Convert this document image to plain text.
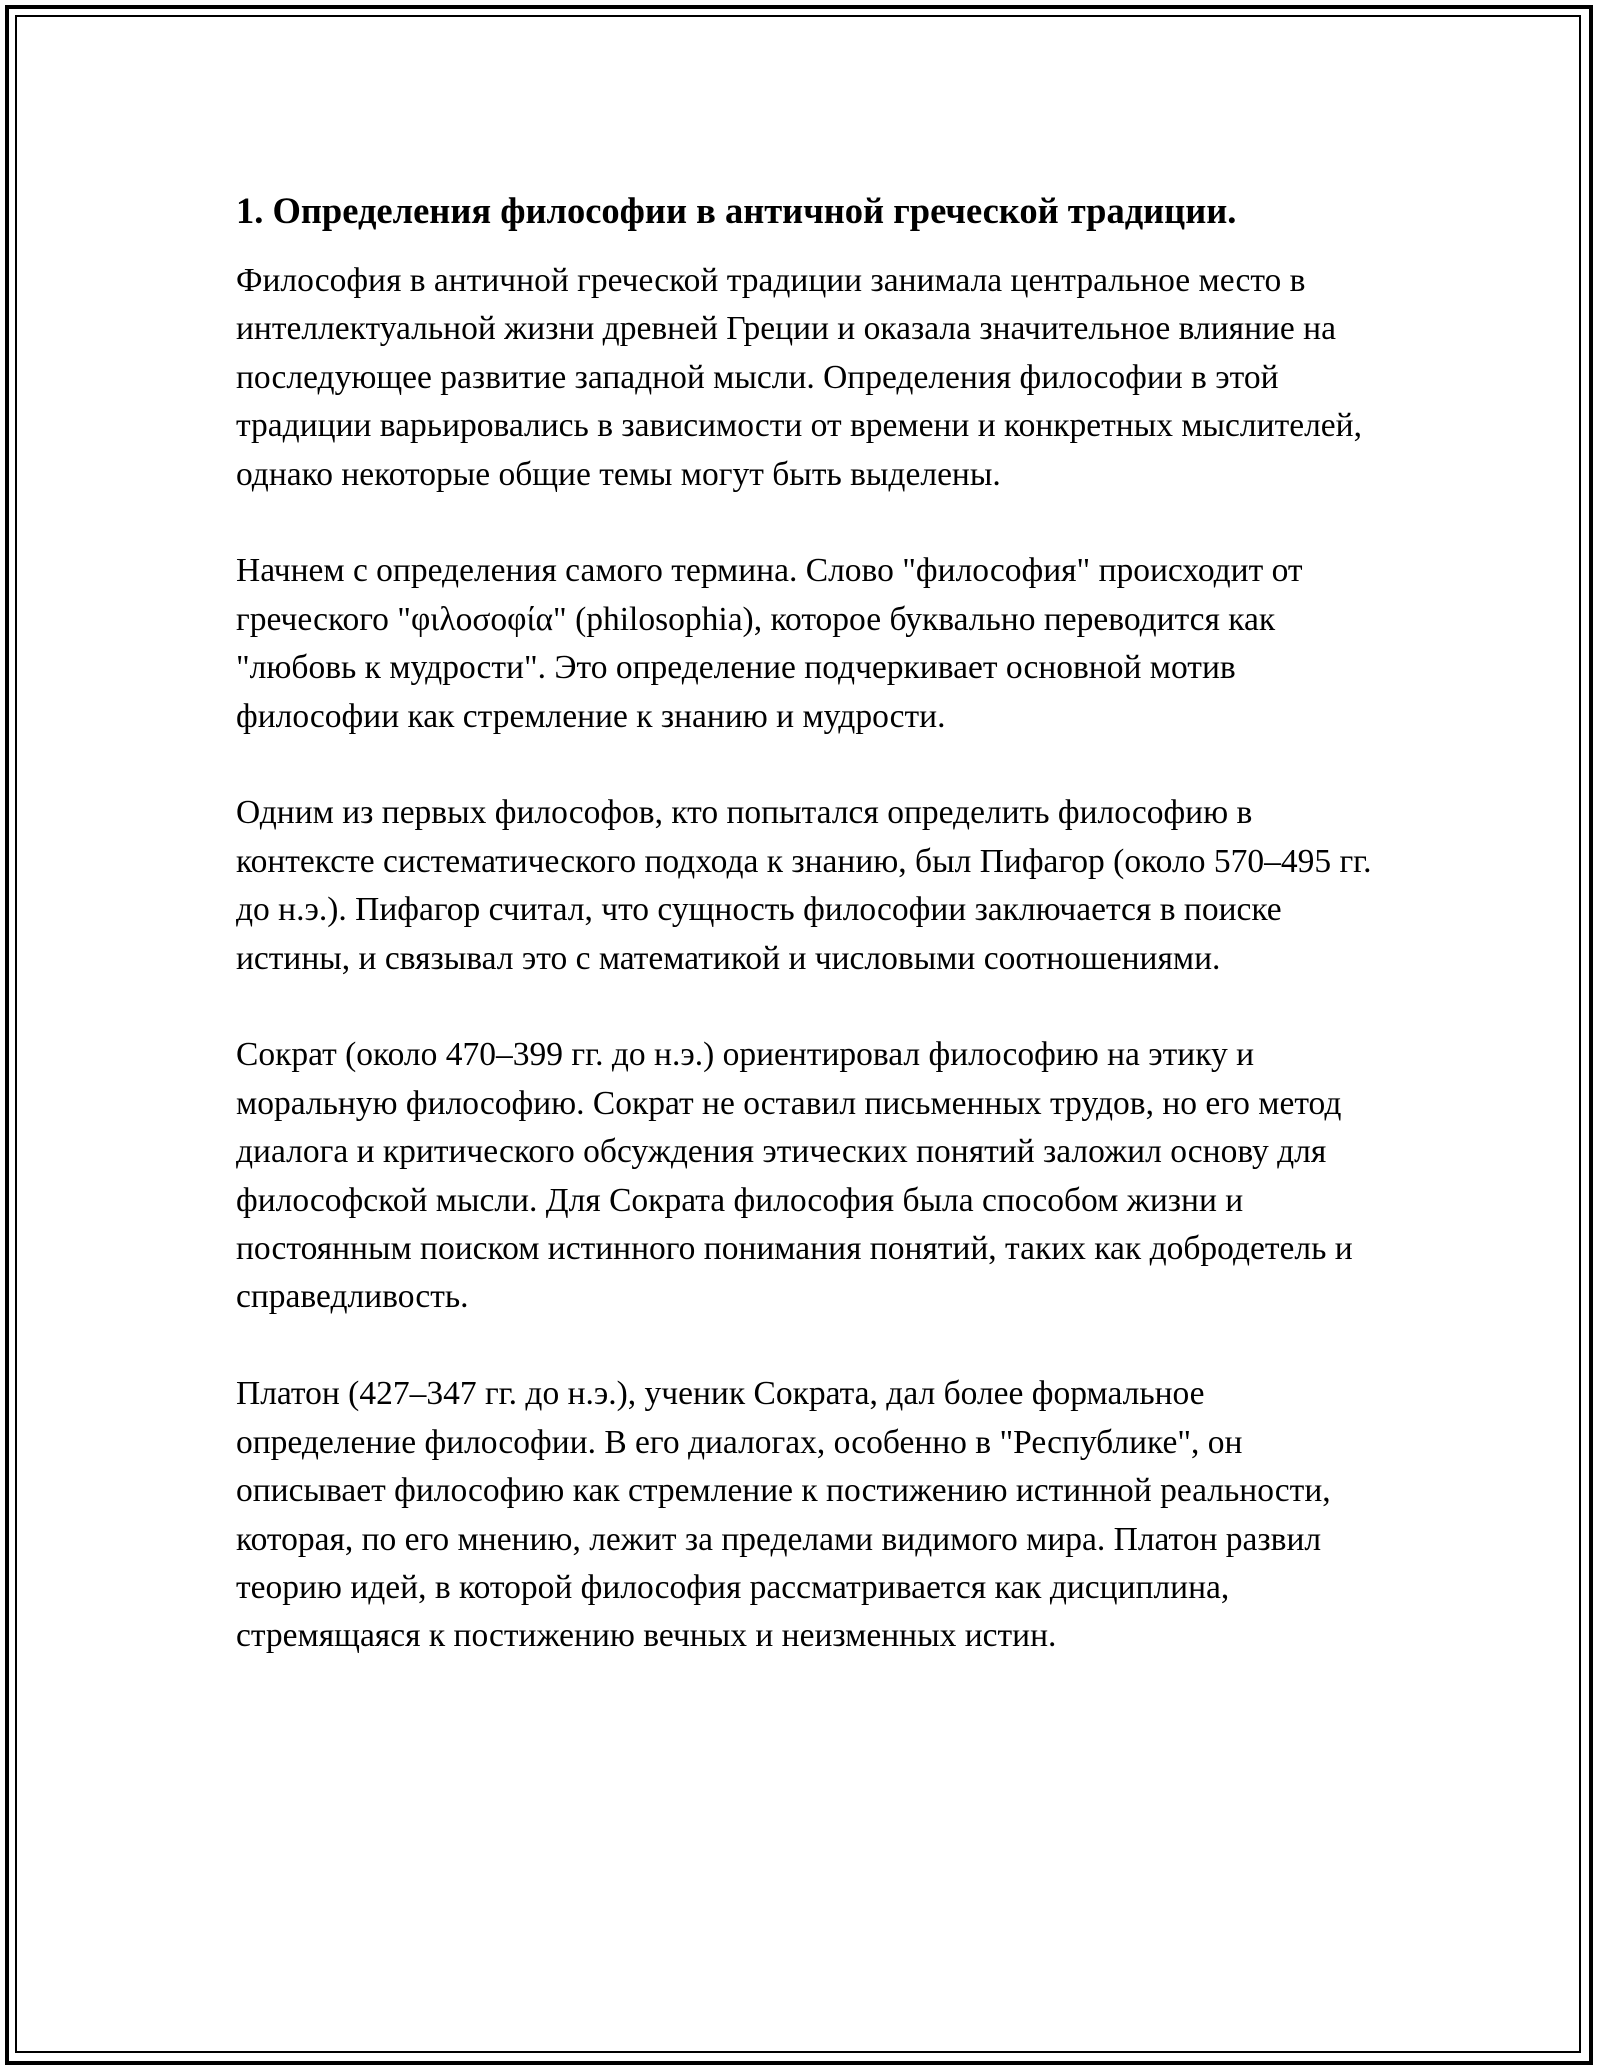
1. Определения философии в античной греческой традиции.

Философия в античной греческой традиции занимала центральное место в интеллектуальной жизни древней Греции и оказала значительное влияние на последующее развитие западной мысли. Определения философии в этой традиции варьировались в зависимости от времени и конкретных мыслителей, однако некоторые общие темы могут быть выделены.

Начнем с определения самого термина. Слово "философия" происходит от греческого "φιλοσοφία" (philosophia), которое буквально переводится как "любовь к мудрости". Это определение подчеркивает основной мотив философии как стремление к знанию и мудрости.

Одним из первых философов, кто попытался определить философию в контексте систематического подхода к знанию, был Пифагор (около 570–495 гг. до н.э.). Пифагор считал, что сущность философии заключается в поиске истины, и связывал это с математикой и числовыми соотношениями.

Сократ (около 470–399 гг. до н.э.) ориентировал философию на этику и моральную философию. Сократ не оставил письменных трудов, но его метод диалога и критического обсуждения этических понятий заложил основу для философской мысли. Для Сократа философия была способом жизни и постоянным поиском истинного понимания понятий, таких как добродетель и справедливость.

Платон (427–347 гг. до н.э.), ученик Сократа, дал более формальное определение философии. В его диалогах, особенно в "Республике", он описывает философию как стремление к постижению истинной реальности, которая, по его мнению, лежит за пределами видимого мира. Платон развил теорию идей, в которой философия рассматривается как дисциплина, стремящаяся к постижению вечных и неизменных истин.
